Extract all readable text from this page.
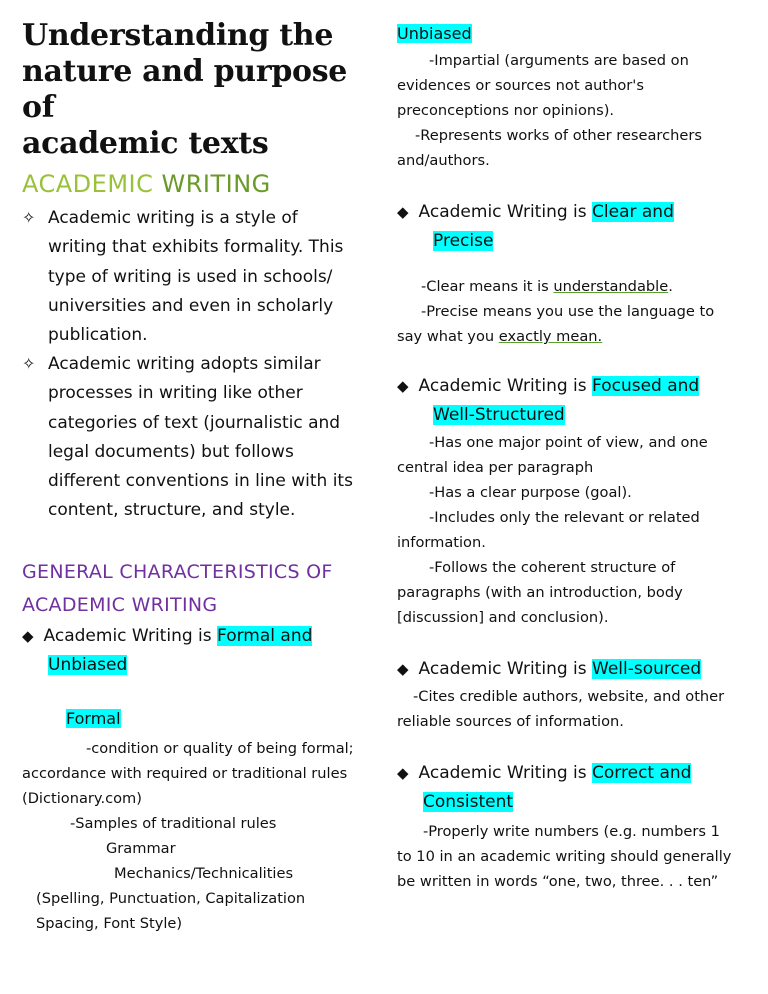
Understanding the
nature and purpose of
academic texts
ACADEMIC WRITING
✧ Academic writing is a style of
writing that exhibits formality. This
type of writing is used in schools/
universities and even in scholarly
publication.
✧ Academic writing adopts similar
processes in writing like other
categories of text (journalistic and
legal documents) but follows
different conventions in line with its
content, structure, and style.
GENERAL CHARACTERISTICS OF
ACADEMIC WRITING
◆ Academic Writing is Formal and
Unbiased
Formal
-condition or quality of being formal;
accordance with required or traditional rules
(Dictionary.com)
-Samples of traditional rules
Grammar
Mechanics/Technicalities
(Spelling, Punctuation, Capitalization
Spacing, Font Style)
Unbiased
-Impartial (arguments are based on
evidences or sources not author's
preconceptions nor opinions).
-Represents works of other researchers
and/authors.
◆ Academic Writing is Clear and
Precise
-Clear means it is understandable.
-Precise means you use the language to
say what you exactly mean.
◆ Academic Writing is Focused and
Well-Structured
-Has one major point of view, and one
central idea per paragraph
-Has a clear purpose (goal).
-Includes only the relevant or related
information.
-Follows the coherent structure of
paragraphs (with an introduction, body
[discussion] and conclusion).
◆ Academic Writing is Well-sourced
-Cites credible authors, website, and other
reliable sources of information.
◆ Academic Writing is Correct and
Consistent
-Properly write numbers (e.g. numbers 1
to 10 in an academic writing should generally
be written in words “one, two, three. . . ten”
